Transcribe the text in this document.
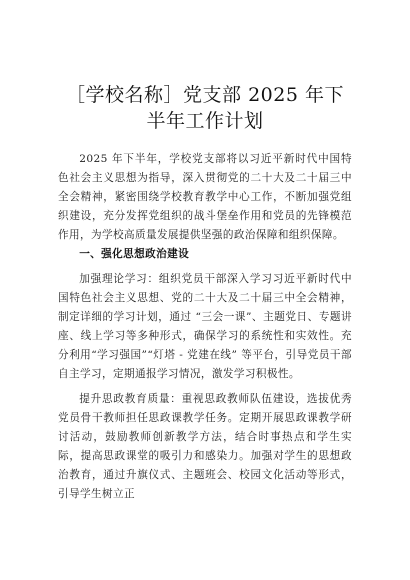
［学校名称］党支部 2025 年下半年工作计划

2025 年下半年，学校党支部将以习近平新时代中国特色社会主义思想为指导，深入贯彻党的二十大及二十届三中全会精神，紧密围绕学校教育教学中心工作，不断加强党组织建设，充分发挥党组织的战斗堡垒作用和党员的先锋模范作用，为学校高质量发展提供坚强的政治保障和组织保障。

一、强化思想政治建设

加强理论学习：组织党员干部深入学习习近平新时代中国特色社会主义思想、党的二十大及二十届三中全会精神，制定详细的学习计划，通过 “三会一课”、主题党日、专题讲座、线上学习等多种形式，确保学习的系统性和实效性。充分利用“学习强国”“灯塔 - 党建在线” 等平台，引导党员干部自主学习，定期通报学习情况，激发学习积极性。

提升思政教育质量：重视思政教师队伍建设，选拔优秀党员骨干教师担任思政课教学任务。定期开展思政课教学研讨活动，鼓励教师创新教学方法，结合时事热点和学生实际，提高思政课堂的吸引力和感染力。加强对学生的思想政治教育，通过升旗仪式、主题班会、校园文化活动等形式，引导学生树立正
